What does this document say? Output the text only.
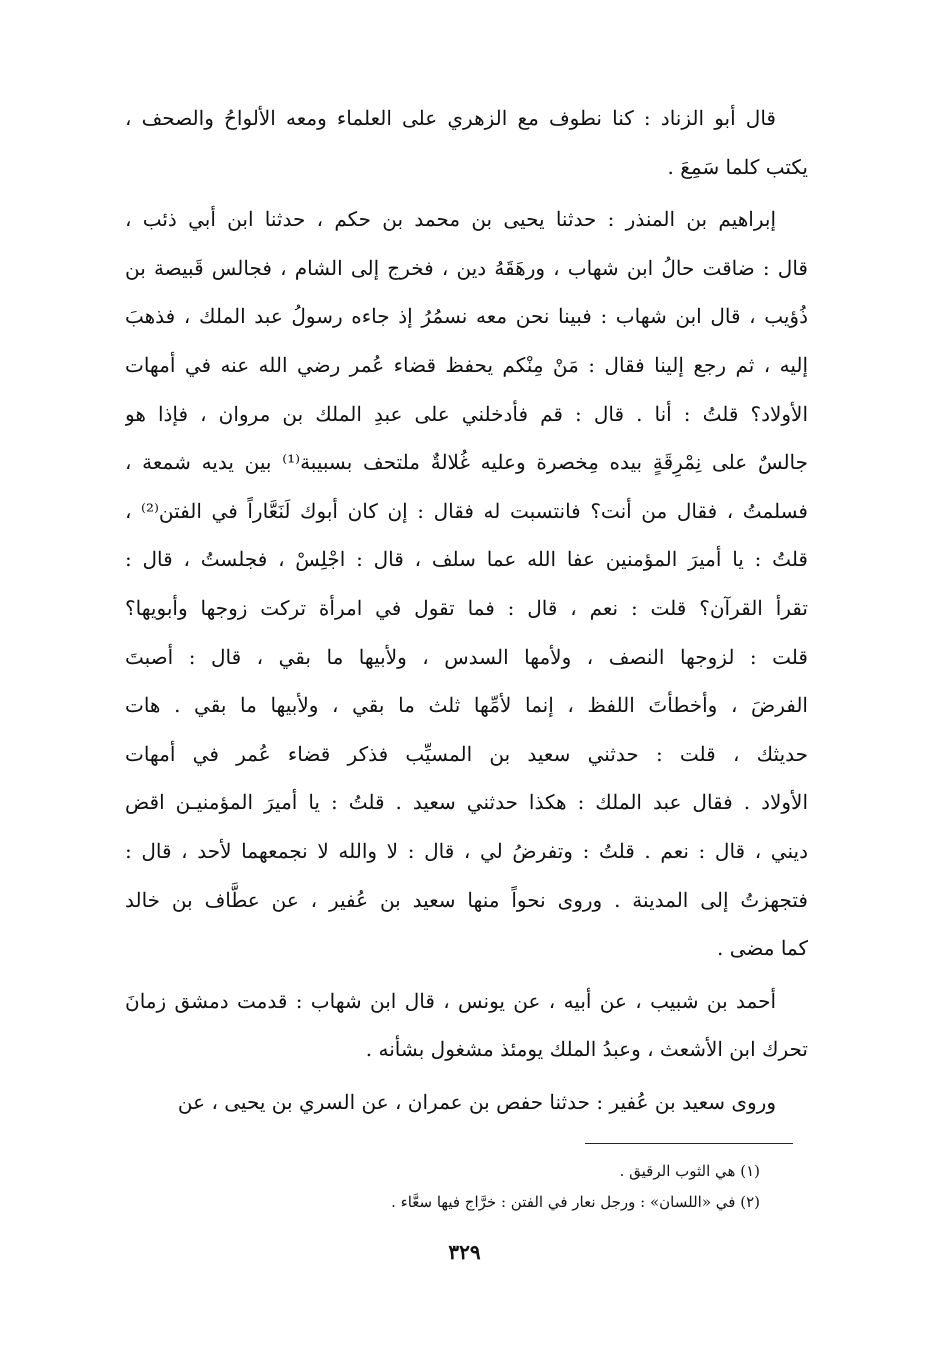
قال أبو الزناد : كنا نطوف مع الزهري على العلماء ومعه الألواحُ والصحف ،
يكتب كلما سَمِعَ .
إبراهيم بن المنذر : حدثنا يحيى بن محمد بن حكم ، حدثنا ابن أبي ذئب ،
قال : ضاقت حالُ ابن شهاب ، ورهَقَهُ دين ، فخرج إلى الشام ، فجالس قَبيصة بن
ذُؤيب ، قال ابن شهاب : فبينا نحن معه نسمُرُ إذ جاءه رسولُ عبد الملك ، فذهبَ
إليه ، ثم رجع إلينا فقال : مَنْ مِنْكم يحفظ قضاء عُمر رضي الله عنه في أمهات
الأولاد؟ قلتُ : أنا . قال : قم فأدخلني على عبدِ الملك بن مروان ، فإذا هو
جالسٌ على نِمْرِقَةٍ بيده مِخصرة وعليه غُلالةٌ ملتحف بسبيبة⁽¹⁾ بين يديه شمعة ،
فسلمتُ ، فقال من أنت؟ فانتسبت له فقال : إن كان أبوك لَنَعَّاراً في الفتن⁽²⁾ ،
قلتُ : يا أميرَ المؤمنين عفا الله عما سلف ، قال : اجْلِسْ ، فجلستُ ، قال :
تقرأ القرآن؟ قلت : نعم ، قال : فما تقول في امرأة تركت زوجها وأبويها؟
قلت : لزوجها النصف ، ولأمها السدس ، ولأبيها ما بقي ، قال : أصبتَ
الفرضَ ، وأخطأتَ اللفظ ، إنما لأمِّها ثلث ما بقي ، ولأبيها ما بقي . هات
حديثك ، قلت : حدثني سعيد بن المسيِّب فذكر قضاء عُمر في أمهات
الأولاد . فقال عبد الملك : هكذا حدثني سعيد . قلتُ : يا أميرَ المؤمنيـن اقض
ديني ، قال : نعم . قلتُ : وتفرضُ لي ، قال : لا والله لا نجمعهما لأحد ، قال :
فتجهزتُ إلى المدينة . وروى نحواً منها سعيد بن عُفير ، عن عطَّاف بن خالد
كما مضى .
أحمد بن شبيب ، عن أبيه ، عن يونس ، قال ابن شهاب : قدمت دمشق زمانَ
تحرك ابن الأشعث ، وعبدُ الملك يومئذ مشغول بشأنه .
وروى سعيد بن عُفير : حدثنا حفص بن عمران ، عن السري بن يحيى ، عن
(١) هي الثوب الرقيق .
(٢) في «اللسان» : ورجل نعار في الفتن : خرَّاج فيها سعَّاء .
٣٢٩
